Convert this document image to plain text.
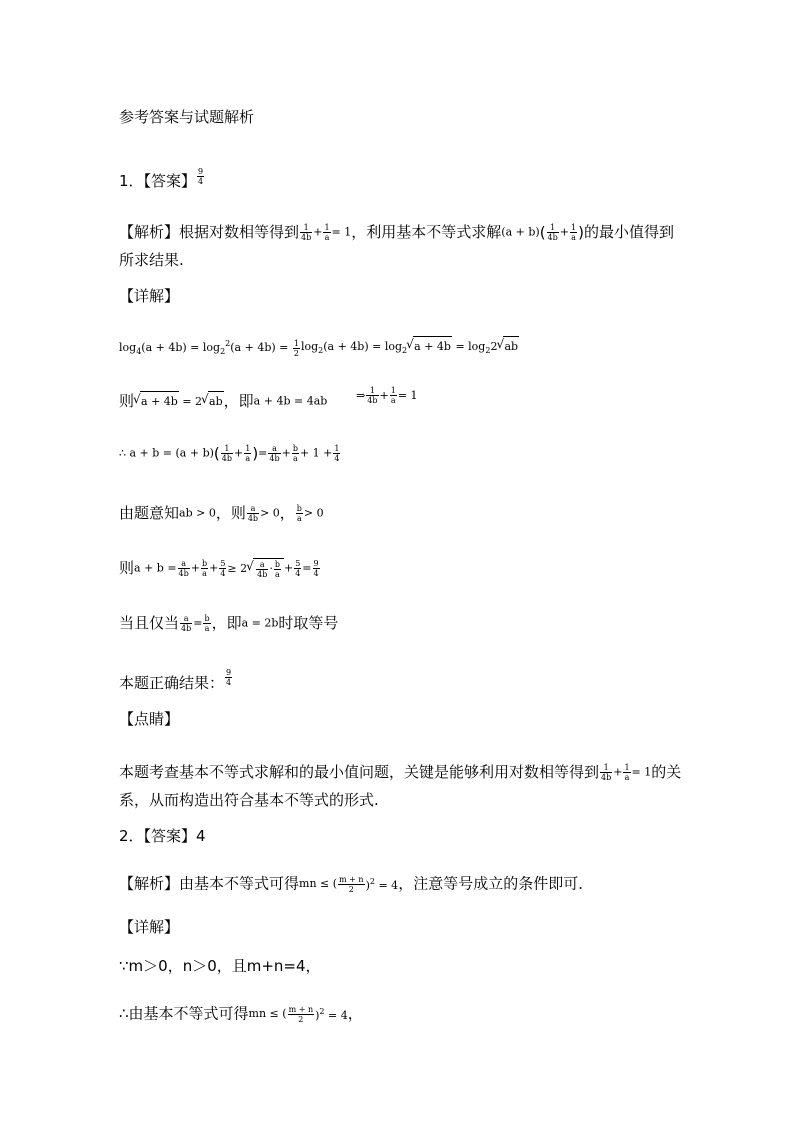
参考答案与试题解析
1．【答案】 $\frac{9}{4}$
【解析】根据对数相等得到 $\frac{1}{4b} + \frac{1}{a} = 1$，利用基本不等式求解$(a + b)( \frac{1}{4b} + \frac{1}{a}$ )的最小值得到
所求结果.
【详解】
$\log_4(a + 4b) = \log_2^2(a + 4b) = \frac{1}{2} \log_2(a + 4b) = \log_2√$ $a + 4b = \log_22√$ ab
则√ a + 4b = 2√ ab，即a + 4b = 4ab	$^\Rightarrow \frac{1}{4b} ^+ \frac{1}{a} ^{= 1}$
∴ $a + b = (a + b)( \frac{1}{4b} + \frac{1}{a}$ )= $\frac{a}{4b} + \frac{b}{a} + 1 + \frac{1}{4}$
由题意知ab > 0，则 $\frac{a}{4b} > 0$， $\frac{b}{a} > 0$
则$a + b = \frac{a}{4b} + \frac{b}{a} + \frac{5}{4} \ge 2$
√ $\frac{a}{4b} \cdot \frac{b}{a} + \frac{5}{4} = \frac{9}{4}$
当且仅当 $\frac{a}{4b} = \frac{b}{a}$ ，即a = 2b时取等号
本题正确结果： $\frac{9}{4}$
【点睛】
本题考查基本不等式求解和的最小值问题，关键是能够利用对数相等得到 $\frac{1}{4b} + \frac{1}{a} = 1$的关
系，从而构造出符合基本不等式的形式.
2．【答案】4
【解析】由基本不等式可得mn ≤ ( $\frac{m + n}{2} )^2 = 4$，注意等号成立的条件即可．
【详解】
∵m＞0，n＞0，且m+n=4，
∴由基本不等式可得mn ≤ ( $\frac{m + n}{2} )^2 = 4$，
